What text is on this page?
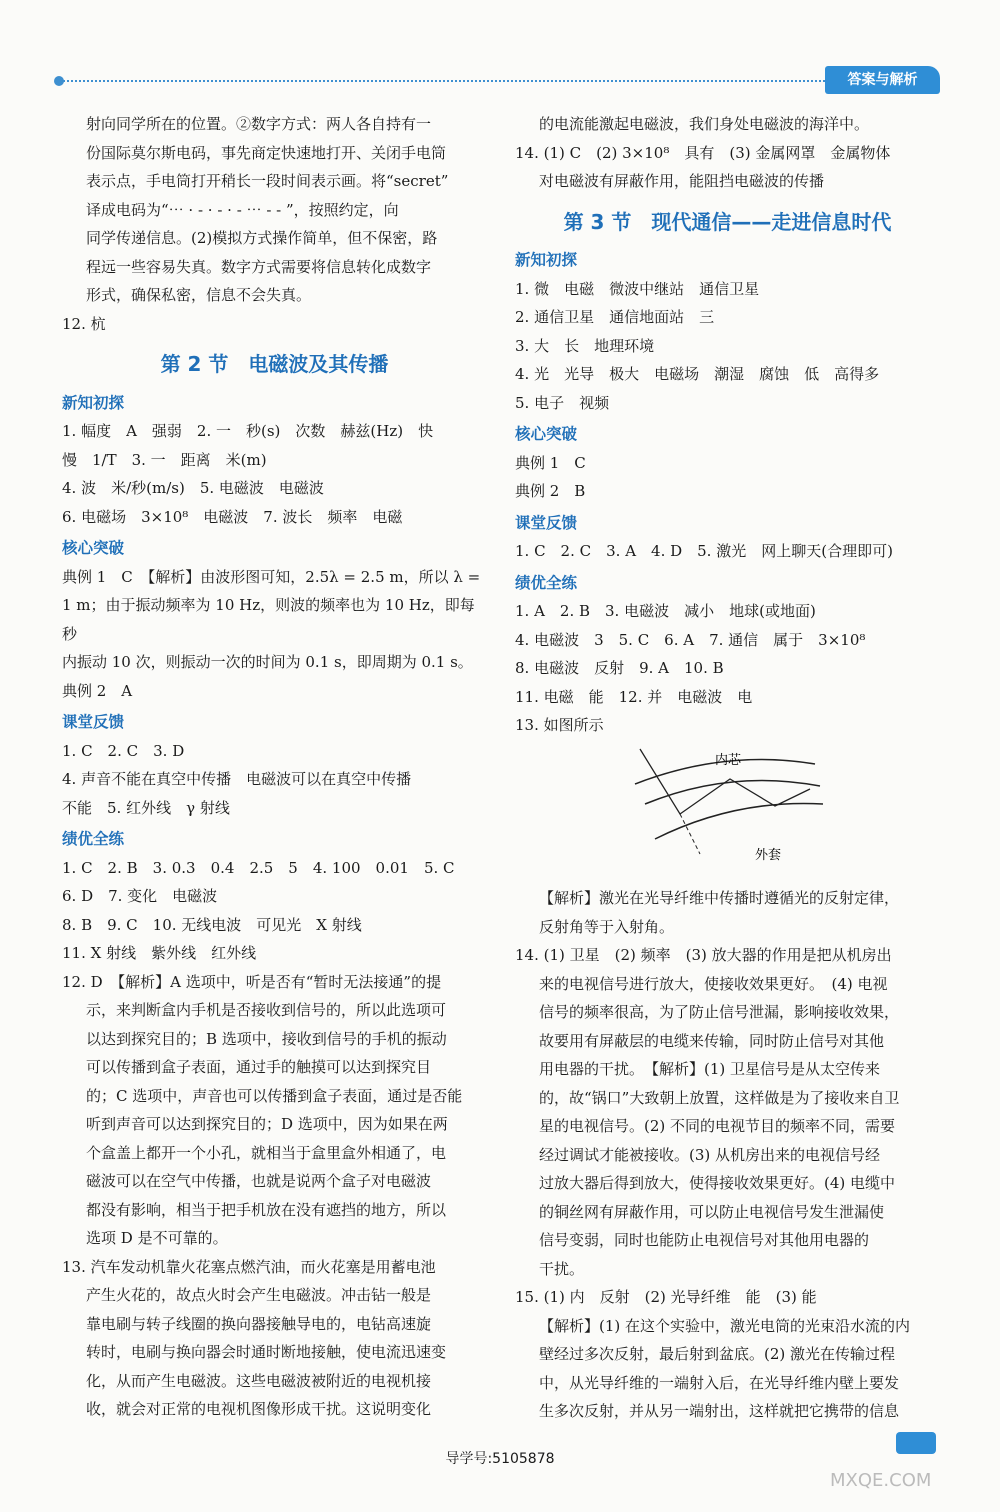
答案与解析
射向同学所在的位置。②数字方式：两人各自持有一
份国际莫尔斯电码，事先商定快速地打开、关闭手电筒
表示点，手电筒打开稍长一段时间表示画。将“secret”
译成电码为“⋯ · - · - · - ⋯ - - ”，按照约定，向
同学传递信息。(2)模拟方式操作简单，但不保密，路
程远一些容易失真。数字方式需要将信息转化成数字
形式，确保私密，信息不会失真。
12. 杭
第 2 节　电磁波及其传播
新知初探
1. 幅度　A　强弱　2. 一　秒(s)　次数　赫兹(Hz)　快
慢　1/T　3. 一　距离　米(m)
4. 波　米/秒(m/s)　5. 电磁波　电磁波
6. 电磁场　3×10⁸　电磁波　7. 波长　频率　电磁
核心突破
典例 1　C　【解析】由波形图可知，2.5λ = 2.5 m，所以 λ =
1 m；由于振动频率为 10 Hz，则波的频率也为 10 Hz，即每秒
内振动 10 次，则振动一次的时间为 0.1 s，即周期为 0.1 s。
典例 2　A
课堂反馈
1. C　2. C　3. D
4. 声音不能在真空中传播　电磁波可以在真空中传播
不能　5. 红外线　γ 射线
绩优全练
1. C　2. B　3. 0.3　0.4　2.5　5　4. 100　0.01　5. C
6. D　7. 变化　电磁波
8. B　9. C　10. 无线电波　可见光　X 射线
11. X 射线　紫外线　红外线
12. D　【解析】A 选项中，听是否有“暂时无法接通”的提
示，来判断盒内手机是否接收到信号的，所以此选项可
以达到探究目的；B 选项中，接收到信号的手机的振动
可以传播到盒子表面，通过手的触摸可以达到探究目
的；C 选项中，声音也可以传播到盒子表面，通过是否能
听到声音可以达到探究目的；D 选项中，因为如果在两
个盒盖上都开一个小孔，就相当于盒里盒外相通了，电
磁波可以在空气中传播，也就是说两个盒子对电磁波
都没有影响，相当于把手机放在没有遮挡的地方，所以
选项 D 是不可靠的。
13. 汽车发动机靠火花塞点燃汽油，而火花塞是用蓄电池
产生火花的，故点火时会产生电磁波。冲击钻一般是
靠电刷与转子线圈的换向器接触导电的，电钻高速旋
转时，电刷与换向器会时通时断地接触，使电流迅速变
化，从而产生电磁波。这些电磁波被附近的电视机接
收，就会对正常的电视机图像形成干扰。这说明变化
的电流能激起电磁波，我们身处电磁波的海洋中。
14. (1) C　(2) 3×10⁸　具有　(3) 金属网罩　金属物体
对电磁波有屏蔽作用，能阻挡电磁波的传播
第 3 节　现代通信——走进信息时代
新知初探
1. 微　电磁　微波中继站　通信卫星
2. 通信卫星　通信地面站　三
3. 大　长　地理环境
4. 光　光导　极大　电磁场　潮湿　腐蚀　低　高得多
5. 电子　视频
核心突破
典例 1　C
典例 2　B
课堂反馈
1. C　2. C　3. A　4. D　5. 激光　网上聊天(合理即可)
绩优全练
1. A　2. B　3. 电磁波　减小　地球(或地面)
4. 电磁波　3　5. C　6. A　7. 通信　属于　3×10⁸
8. 电磁波　反射　9. A　10. B
11. 电磁　能　12. 并　电磁波　电
13. 如图所示
内芯
外套
【解析】激光在光导纤维中传播时遵循光的反射定律，
反射角等于入射角。
14. (1) 卫星　(2) 频率　(3) 放大器的作用是把从机房出
来的电视信号进行放大，使接收效果更好。　(4) 电视
信号的频率很高，为了防止信号泄漏，影响接收效果，
故要用有屏蔽层的电缆来传输，同时防止信号对其他
用电器的干扰。　【解析】(1) 卫星信号是从太空传来
的，故“锅口”大致朝上放置，这样做是为了接收来自卫
星的电视信号。(2) 不同的电视节目的频率不同，需要
经过调试才能被接收。(3) 从机房出来的电视信号经
过放大器后得到放大，使得接收效果更好。(4) 电缆中
的铜丝网有屏蔽作用，可以防止电视信号发生泄漏使
信号变弱，同时也能防止电视信号对其他用电器的
干扰。
15. (1) 内　反射　(2) 光导纤维　能　(3) 能
【解析】(1) 在这个实验中，激光电筒的光束沿水流的内
壁经过多次反射，最后射到盆底。(2) 激光在传输过程
中，从光导纤维的一端射入后，在光导纤维内壁上要发
生多次反射，并从另一端射出，这样就把它携带的信息
导学号:5105878
MXQE.COM
